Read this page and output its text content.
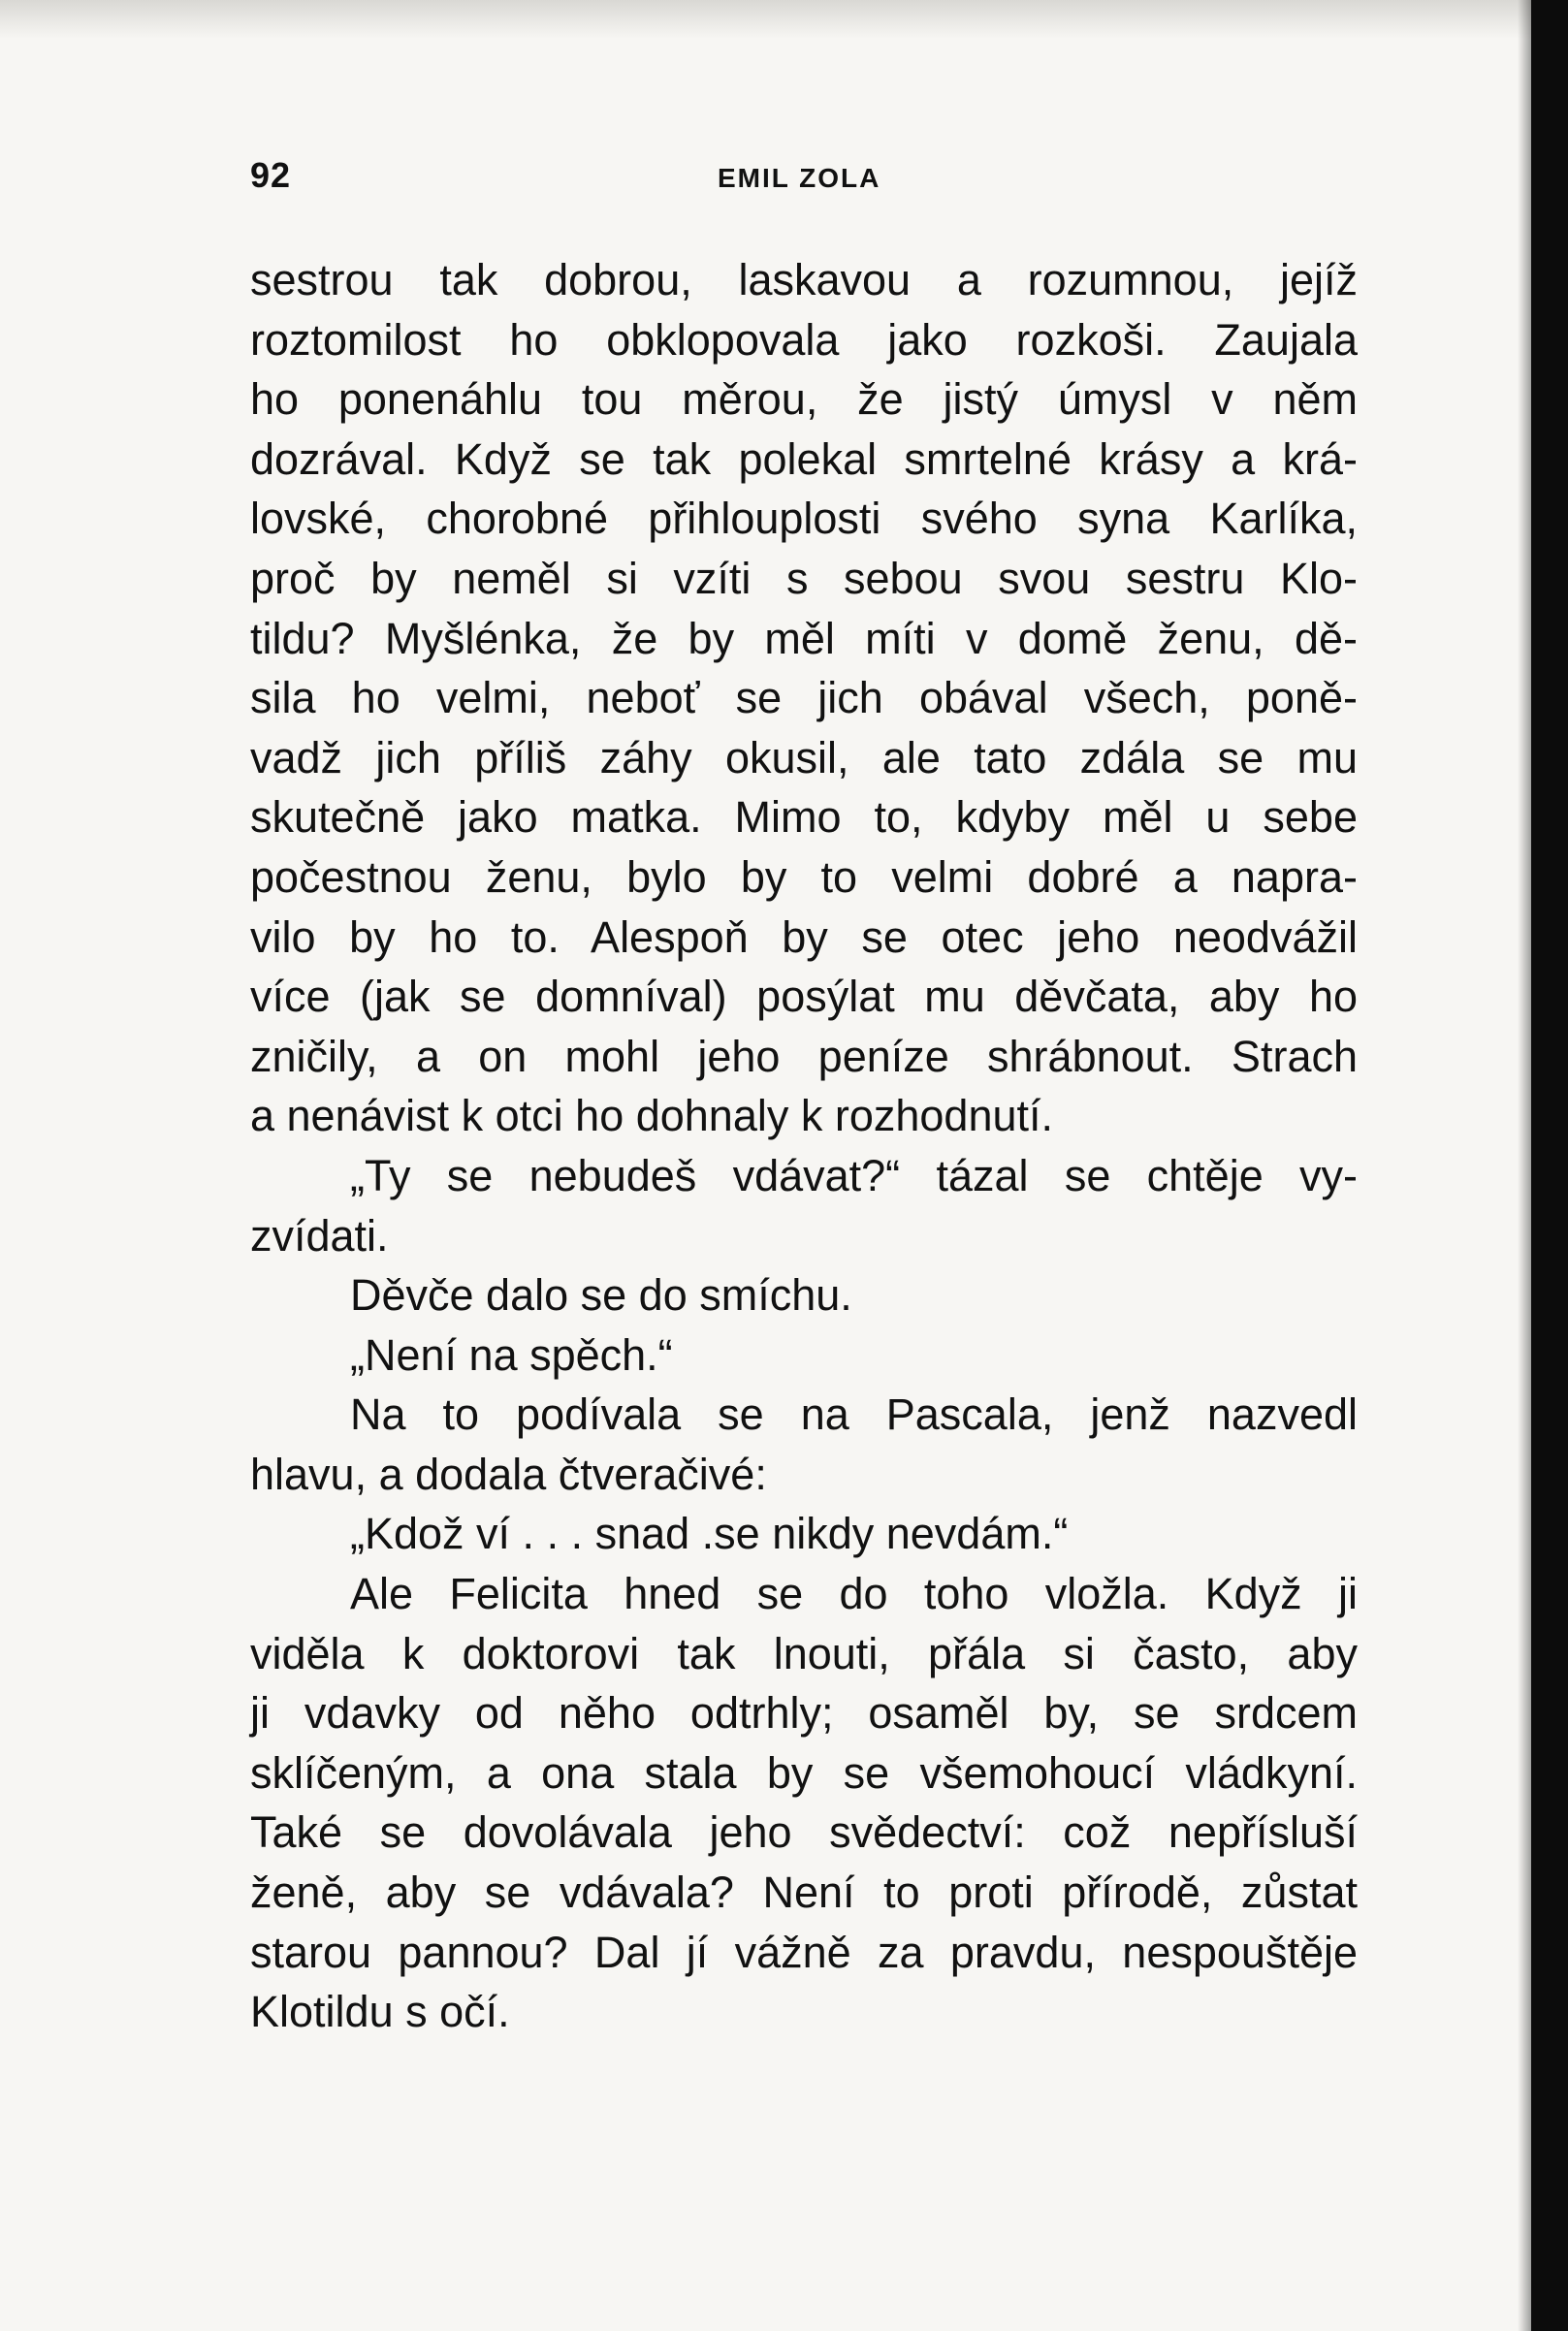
92	EMIL ZOLA
sestrou tak dobrou, laskavou a rozumnou, jejíž
roztomilost ho obklopovala jako rozkoši. Zaujala
ho ponenáhlu tou měrou, že jistý úmysl v něm
dozrával. Když se tak polekal smrtelné krásy a krá-
lovské, chorobné přihlouplosti svého syna Karlíka,
proč by neměl si vzíti s sebou svou sestru Klo-
tildu? Myšlénka, že by měl míti v domě ženu, dě-
sila ho velmi, neboť se jich obával všech, poně-
vadž jich příliš záhy okusil, ale tato zdála se mu
skutečně jako matka. Mimo to, kdyby měl u sebe
počestnou ženu, bylo by to velmi dobré a napra-
vilo by ho to. Alespoň by se otec jeho neodvážil
více (jak se domníval) posýlat mu děvčata, aby ho
zničily, a on mohl jeho peníze shrábnout. Strach
a nenávist k otci ho dohnaly k rozhodnutí.
„Ty se nebudeš vdávat?“ tázal se chtěje vy-
zvídati.
Děvče dalo se do smíchu.
„Není na spěch.“
Na to podívala se na Pascala, jenž nazvedl
hlavu, a dodala čtveračivé:
„Kdož ví . . . snad .se nikdy nevdám.“
Ale Felicita hned se do toho vložla. Když ji
viděla k doktorovi tak lnouti, přála si často, aby
ji vdavky od něho odtrhly; osaměl by, se srdcem
sklíčeným, a ona stala by se všemohoucí vládkyní.
Také se dovolávala jeho svědectví: což nepřísluší
ženě, aby se vdávala? Není to proti přírodě, zůstat
starou pannou? Dal jí vážně za pravdu, nespouštěje
Klotildu s očí.
